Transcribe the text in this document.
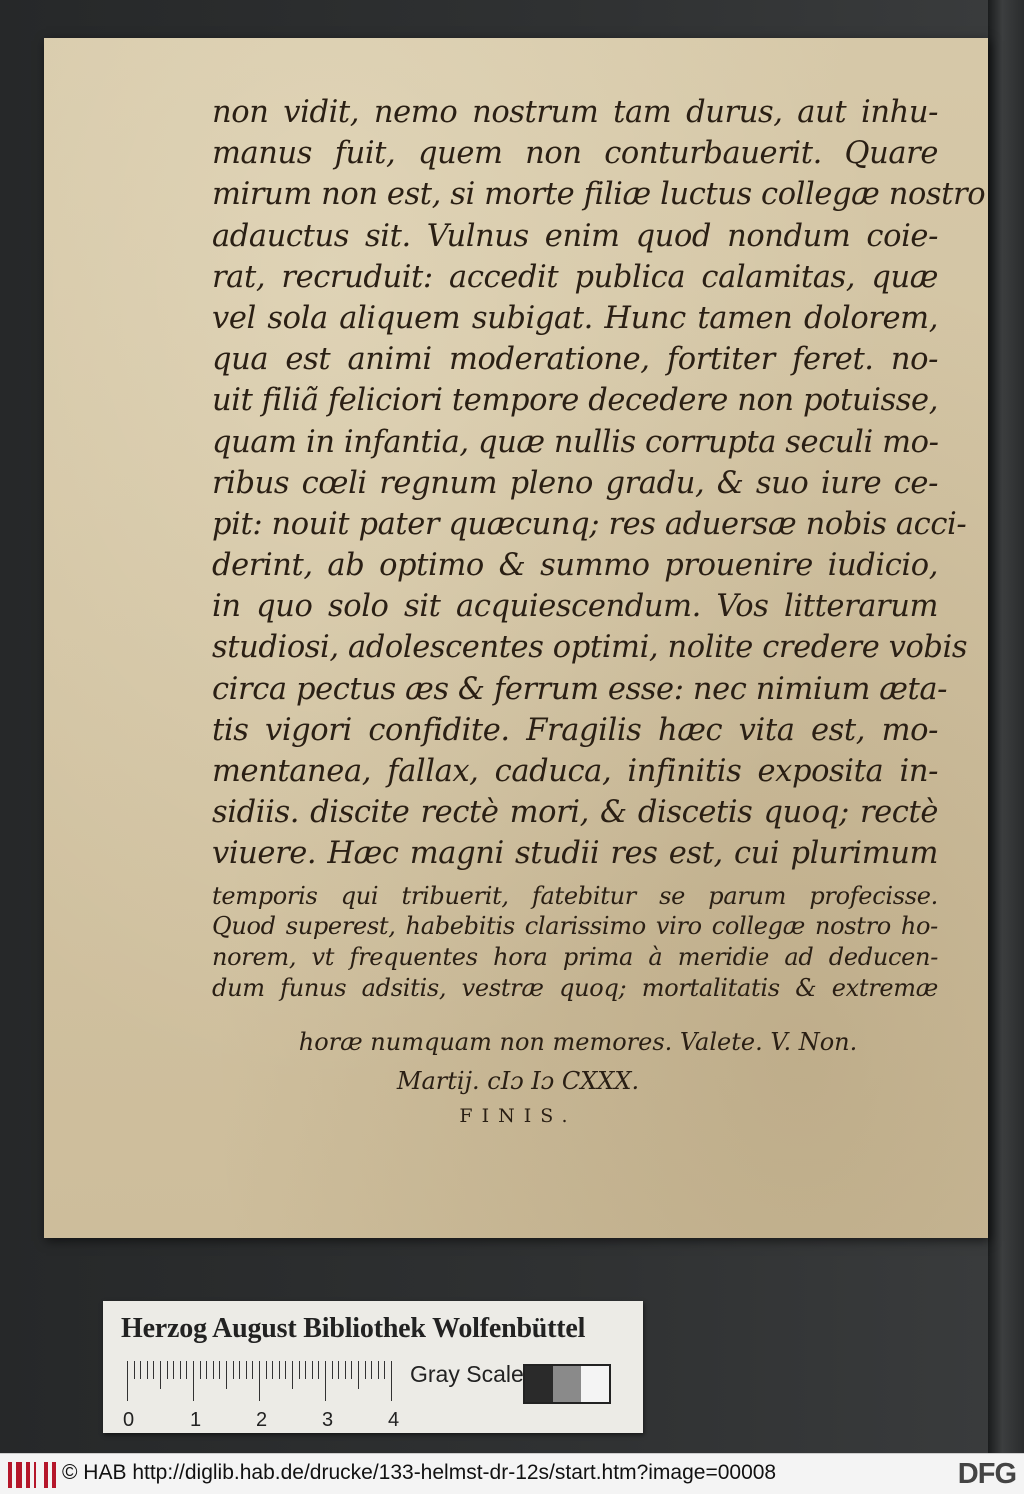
non vidit, nemo nostrum tam durus, aut inhu-
manus fuit, quem non conturbauerit. Quare
mirum non est, si morte filiæ luctus collegæ nostro
adauctus sit. Vulnus enim quod nondum coie-
rat, recruduit: accedit publica calamitas, quæ
vel sola aliquem subigat. Hunc tamen dolorem,
qua est animi moderatione, fortiter feret. no-
uit filiã feliciori tempore decedere non potuisse,
quam in infantia, quæ nullis corrupta seculi mo-
ribus cœli regnum pleno gradu, & suo iure ce-
pit: nouit pater quæcunq; res aduersæ nobis acci-
derint, ab optimo & summo prouenire iudicio,
in quo solo sit acquiescendum. Vos litterarum
studiosi, adolescentes optimi, nolite credere vobis
circa pectus æs & ferrum esse: nec nimium æta-
tis vigori confidite. Fragilis hæc vita est, mo-
mentanea, fallax, caduca, infinitis exposita in-
sidiis. discite rectè mori, & discetis quoq; rectè
viuere. Hæc magni studii res est, cui plurimum
temporis qui tribuerit, fatebitur se parum profecisse.
Quod superest, habebitis clarissimo viro collegæ nostro ho-
norem, vt frequentes hora prima à meridie ad deducen-
dum funus adsitis, vestræ quoq; mortalitatis & extremæ
horæ numquam non memores. Valete. V. Non.
Martij. cIɔ Iɔ CXXX.
FINIS.
Herzog August Bibliothek Wolfenbüttel
0	1	2	3	4
Gray Scale
© HAB http://diglib.hab.de/drucke/133-helmst-dr-12s/start.htm?image=00008	DFG
